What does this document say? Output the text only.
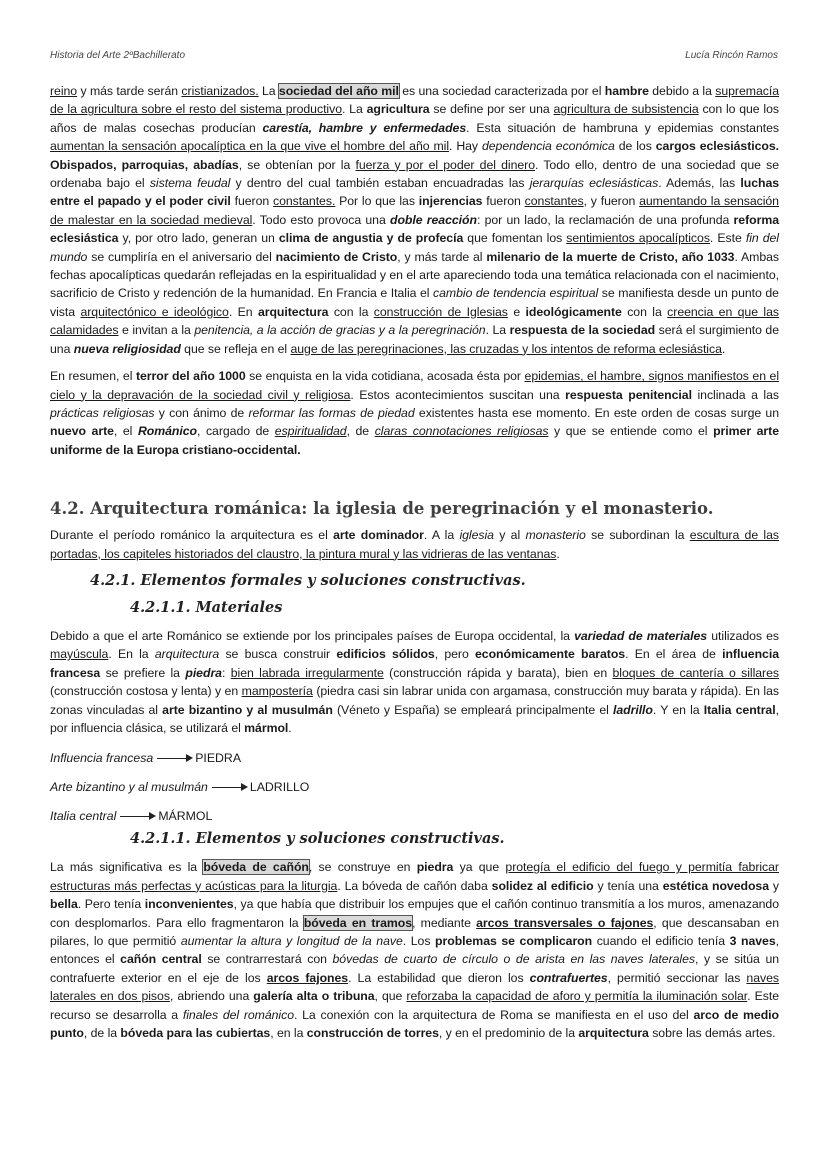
Historia del Arte 2ºBachillerato	Lucía Rincón Ramos

reino y más tarde serán cristianizados. La sociedad del año mil es una sociedad caracterizada por el hambre debido a la supremacía de la agricultura sobre el resto del sistema productivo. La agricultura se define por ser una agricultura de subsistencia con lo que los años de malas cosechas producían carestía, hambre y enfermedades. Esta situación de hambruna y epidemias constantes aumentan la sensación apocalíptica en la que vive el hombre del año mil. Hay dependencia económica de los cargos eclesiásticos. Obispados, parroquias, abadías, se obtenían por la fuerza y por el poder del dinero. Todo ello, dentro de una sociedad que se ordenaba bajo el sistema feudal y dentro del cual también estaban encuadradas las jerarquías eclesiásticas. Además, las luchas entre el papado y el poder civil fueron constantes. Por lo que las injerencias fueron constantes, y fueron aumentando la sensación de malestar en la sociedad medieval. Todo esto provoca una doble reacción: por un lado, la reclamación de una profunda reforma eclesiástica y, por otro lado, generan un clima de angustia y de profecía que fomentan los sentimientos apocalípticos. Este fin del mundo se cumpliría en el aniversario del nacimiento de Cristo, y más tarde al milenario de la muerte de Cristo, año 1033. Ambas fechas apocalípticas quedarán reflejadas en la espiritualidad y en el arte apareciendo toda una temática relacionada con el nacimiento, sacrificio de Cristo y redención de la humanidad. En Francia e Italia el cambio de tendencia espiritual se manifiesta desde un punto de vista arquitectónico e ideológico. En arquitectura con la construcción de Iglesias e ideológicamente con la creencia en que las calamidades e invitan a la penitencia, a la acción de gracias y a la peregrinación. La respuesta de la sociedad será el surgimiento de una nueva religiosidad que se refleja en el auge de las peregrinaciones, las cruzadas y los intentos de reforma eclesiástica.

En resumen, el terror del año 1000 se enquista en la vida cotidiana, acosada ésta por epidemias, el hambre, signos manifiestos en el cielo y la depravación de la sociedad civil y religiosa. Estos acontecimientos suscitan una respuesta penitencial inclinada a las prácticas religiosas y con ánimo de reformar las formas de piedad existentes hasta ese momento. En este orden de cosas surge un nuevo arte, el Románico, cargado de espiritualidad, de claras connotaciones religiosas y que se entiende como el primer arte uniforme de la Europa cristiano-occidental.

4.2. Arquitectura románica: la iglesia de peregrinación y el monasterio.

Durante el período románico la arquitectura es el arte dominador. A la iglesia y al monasterio se subordinan la escultura de las portadas, los capiteles historiados del claustro, la pintura mural y las vidrieras de las ventanas.

4.2.1. Elementos formales y soluciones constructivas.
4.2.1.1. Materiales

Debido a que el arte Románico se extiende por los principales países de Europa occidental, la variedad de materiales utilizados es mayúscula. En la arquitectura se busca construir edificios sólidos, pero económicamente baratos. En el área de influencia francesa se prefiere la piedra: bien labrada irregularmente (construcción rápida y barata), bien en bloques de cantería o sillares (construcción costosa y lenta) y en mampostería (piedra casi sin labrar unida con argamasa, construcción muy barata y rápida). En las zonas vinculadas al arte bizantino y al musulmán (Véneto y España) se empleará principalmente el ladrillo. Y en la Italia central, por influencia clásica, se utilizará el mármol.

Influencia francesa	PIEDRA
Arte bizantino y al musulmán	LADRILLO
Italia central	MÁRMOL
4.2.1.1. Elementos y soluciones constructivas.

La más significativa es la bóveda de cañón, se construye en piedra ya que protegía el edificio del fuego y permitía fabricar estructuras más perfectas y acústicas para la liturgia. La bóveda de cañón daba solidez al edificio y tenía una estética novedosa y bella. Pero tenía inconvenientes, ya que había que distribuir los empujes que el cañón continuo transmitía a los muros, amenazando con desplomarlos. Para ello fragmentaron la bóveda en tramos, mediante arcos transversales o fajones, que descansaban en pilares, lo que permitió aumentar la altura y longitud de la nave. Los problemas se complicaron cuando el edificio tenía 3 naves, entonces el cañón central se contrarrestará con bóvedas de cuarto de círculo o de arista en las naves laterales, y se sitúa un contrafuerte exterior en el eje de los arcos fajones. La estabilidad que dieron los contrafuertes, permitió seccionar las naves laterales en dos pisos, abriendo una galería alta o tribuna, que reforzaba la capacidad de aforo y permitía la iluminación solar. Este recurso se desarrolla a finales del románico. La conexión con la arquitectura de Roma se manifiesta en el uso del arco de medio punto, de la bóveda para las cubiertas, en la construcción de torres, y en el predominio de la arquitectura sobre las demás artes.
